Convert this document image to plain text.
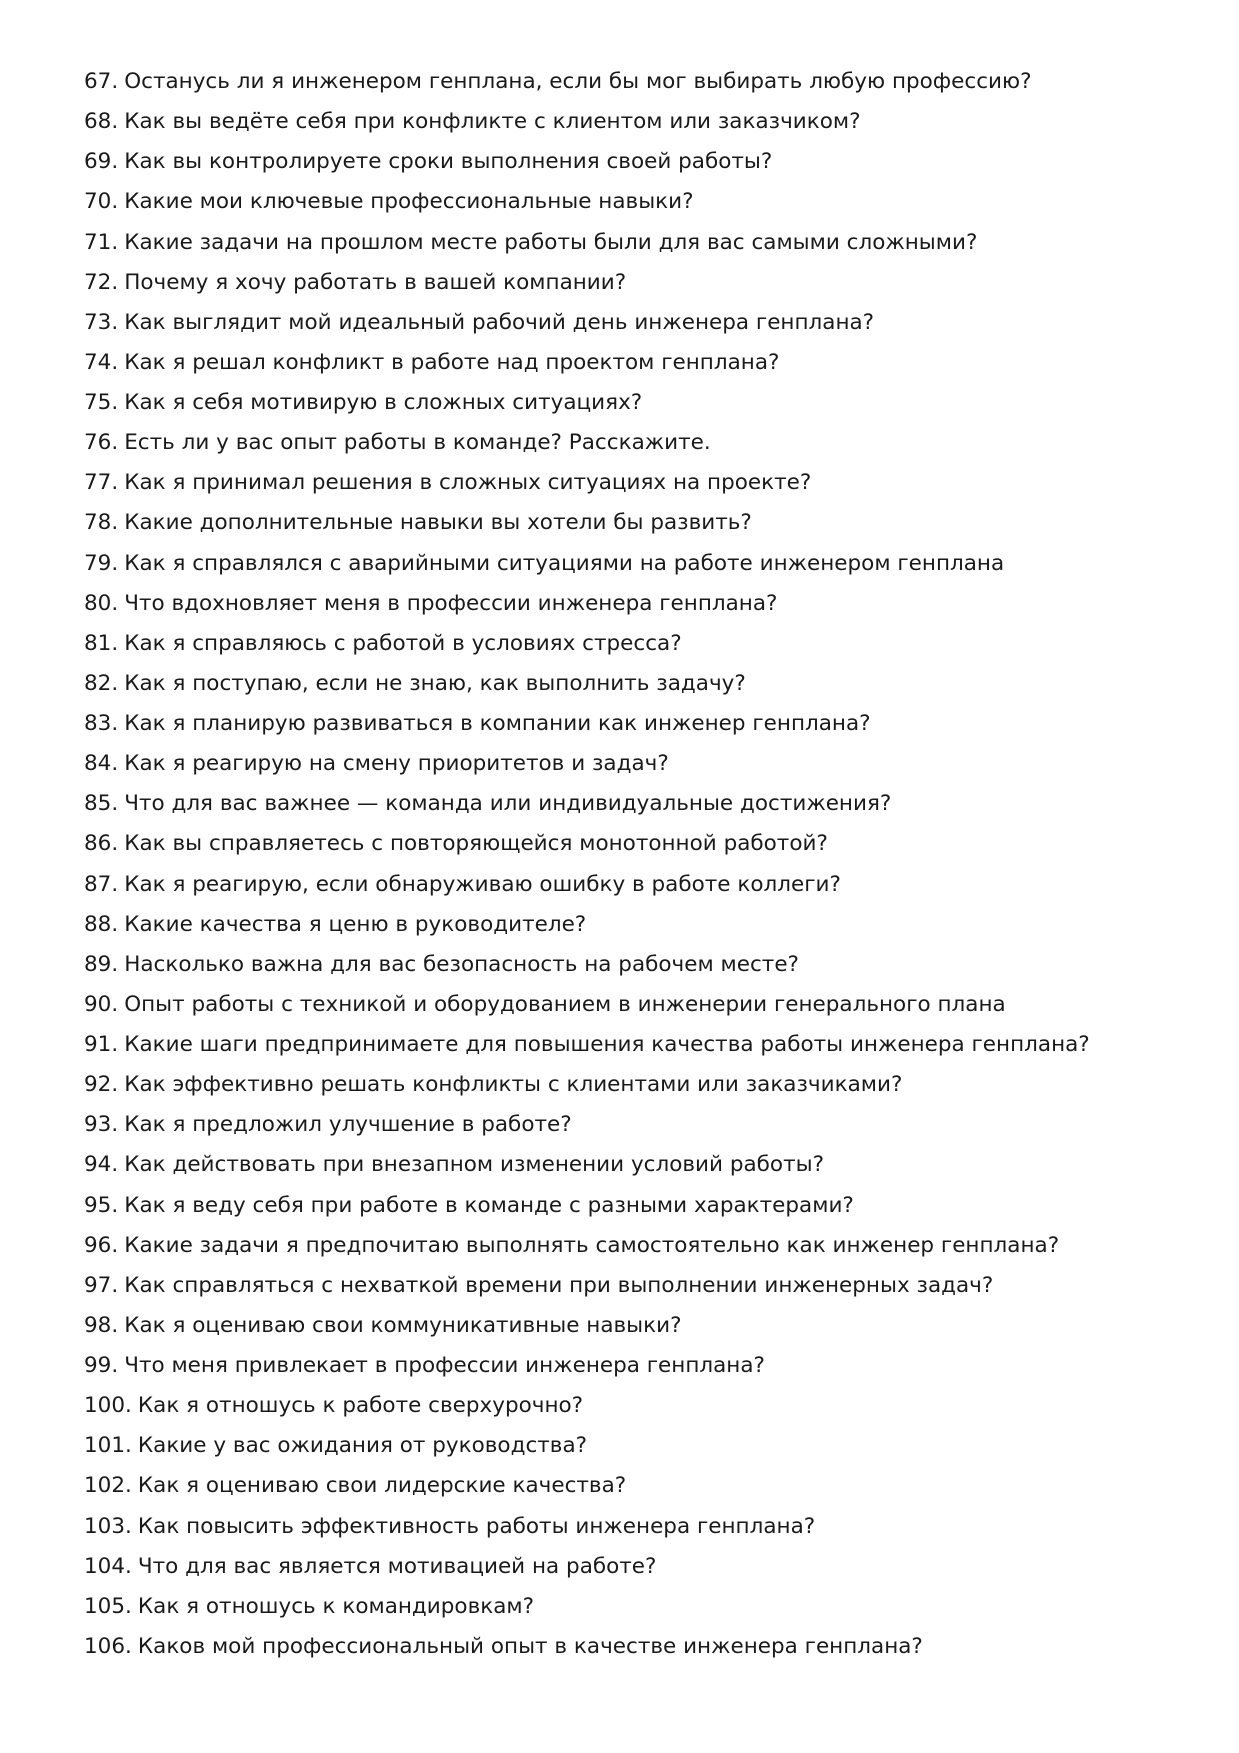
67. Останусь ли я инженером генплана, если бы мог выбирать любую профессию?
68. Как вы ведёте себя при конфликте с клиентом или заказчиком?
69. Как вы контролируете сроки выполнения своей работы?
70. Какие мои ключевые профессиональные навыки?
71. Какие задачи на прошлом месте работы были для вас самыми сложными?
72. Почему я хочу работать в вашей компании?
73. Как выглядит мой идеальный рабочий день инженера генплана?
74. Как я решал конфликт в работе над проектом генплана?
75. Как я себя мотивирую в сложных ситуациях?
76. Есть ли у вас опыт работы в команде? Расскажите.
77. Как я принимал решения в сложных ситуациях на проекте?
78. Какие дополнительные навыки вы хотели бы развить?
79. Как я справлялся с аварийными ситуациями на работе инженером генплана
80. Что вдохновляет меня в профессии инженера генплана?
81. Как я справляюсь с работой в условиях стресса?
82. Как я поступаю, если не знаю, как выполнить задачу?
83. Как я планирую развиваться в компании как инженер генплана?
84. Как я реагирую на смену приоритетов и задач?
85. Что для вас важнее — команда или индивидуальные достижения?
86. Как вы справляетесь с повторяющейся монотонной работой?
87. Как я реагирую, если обнаруживаю ошибку в работе коллеги?
88. Какие качества я ценю в руководителе?
89. Насколько важна для вас безопасность на рабочем месте?
90. Опыт работы с техникой и оборудованием в инженерии генерального плана
91. Какие шаги предпринимаете для повышения качества работы инженера генплана?
92. Как эффективно решать конфликты с клиентами или заказчиками?
93. Как я предложил улучшение в работе?
94. Как действовать при внезапном изменении условий работы?
95. Как я веду себя при работе в команде с разными характерами?
96. Какие задачи я предпочитаю выполнять самостоятельно как инженер генплана?
97. Как справляться с нехваткой времени при выполнении инженерных задач?
98. Как я оцениваю свои коммуникативные навыки?
99. Что меня привлекает в профессии инженера генплана?
100. Как я отношусь к работе сверхурочно?
101. Какие у вас ожидания от руководства?
102. Как я оцениваю свои лидерские качества?
103. Как повысить эффективность работы инженера генплана?
104. Что для вас является мотивацией на работе?
105. Как я отношусь к командировкам?
106. Каков мой профессиональный опыт в качестве инженера генплана?
